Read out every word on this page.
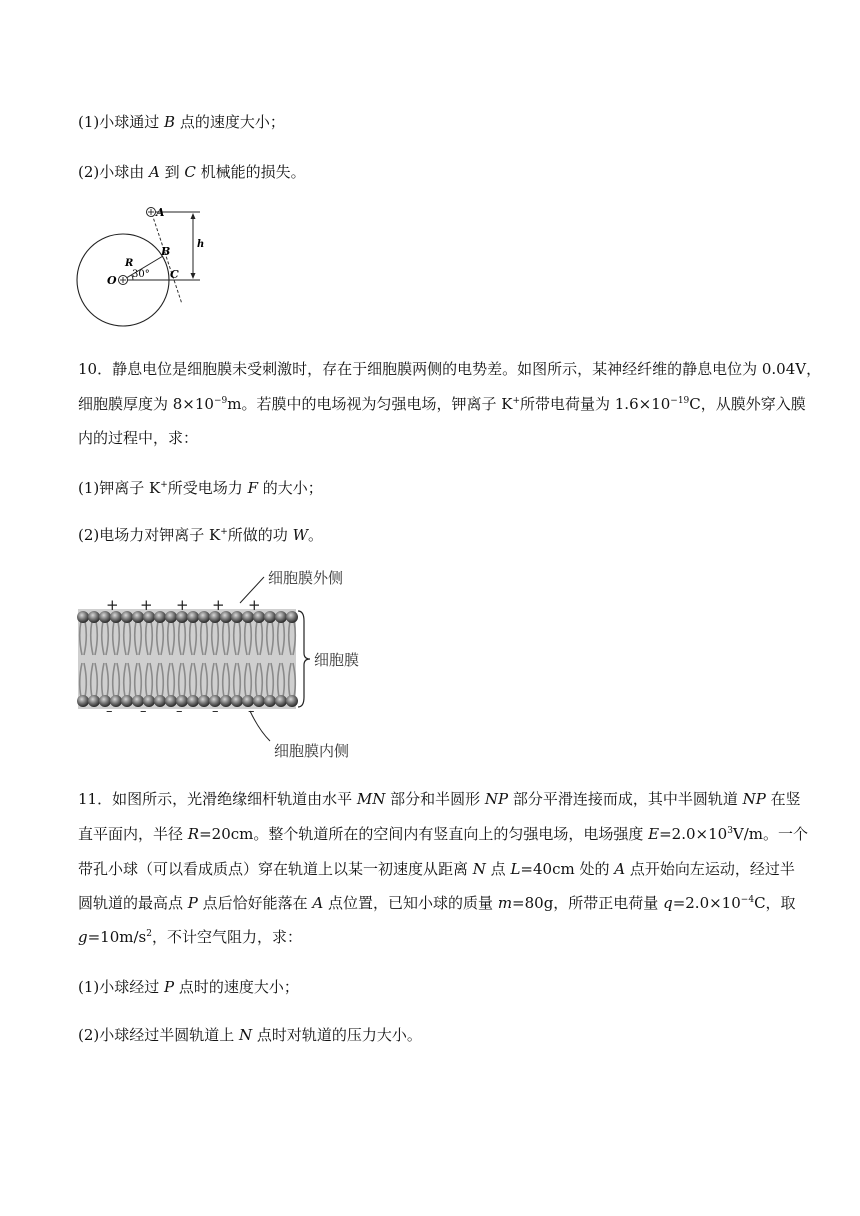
(1)小球通过 B 点的速度大小；
(2)小球由 A 到 C 机械能的损失。
A
B
C
O
R
h
30°
10．静息电位是细胞膜未受刺激时，存在于细胞膜两侧的电势差。如图所示，某神经纤维的静息电位为 0.04V，
细胞膜厚度为 $8\times 10^{-9}m$。若膜中的电场视为匀强电场，钾离子 K+所带电荷量为 $1.6\times 10^{-19}C$，从膜外穿入膜
内的过程中，求：
(1)钾离子 K+所受电场力 F 的大小；
(2)电场力对钾离子 K+所做的功 W。
+ + + + +
– – – – –
细胞膜外侧
细胞膜
细胞膜内侧
11．如图所示，光滑绝缘细杆轨道由水平 MN 部分和半圆形 NP 部分平滑连接而成，其中半圆轨道 NP 在竖
直平面内，半径 R=20cm。整个轨道所在的空间内有竖直向上的匀强电场，电场强度 $E=2.0\times 10^3V/m$。一个
带孔小球（可以看成质点）穿在轨道上以某一初速度从距离 N 点 L=40cm 处的 A 点开始向左运动，经过半
圆轨道的最高点 P 点后恰好能落在 A 点位置，已知小球的质量 m=80g，所带正电荷量 $q=2.0\times 10^{-4}C$，取
$g=10m/s^2$，不计空气阻力，求：
(1)小球经过 P 点时的速度大小；
(2)小球经过半圆轨道上 N 点时对轨道的压力大小。
